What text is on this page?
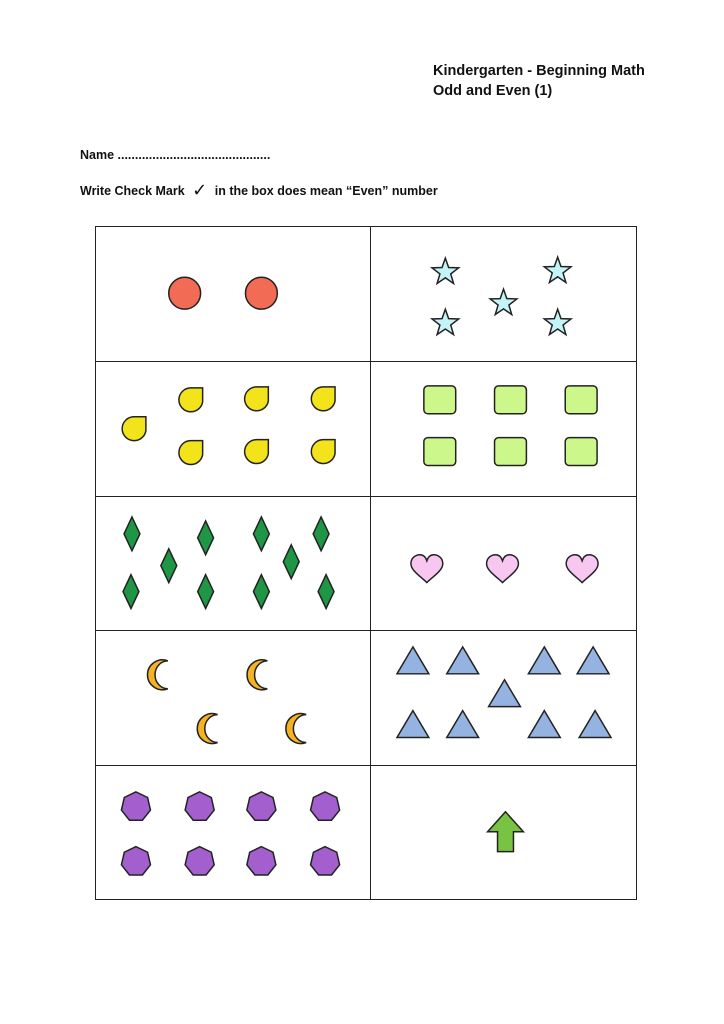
Kindergarten - Beginning Math
Odd and Even (1)
Name ............................................
Write Check Mark ✓ in the box does mean “Even” number
